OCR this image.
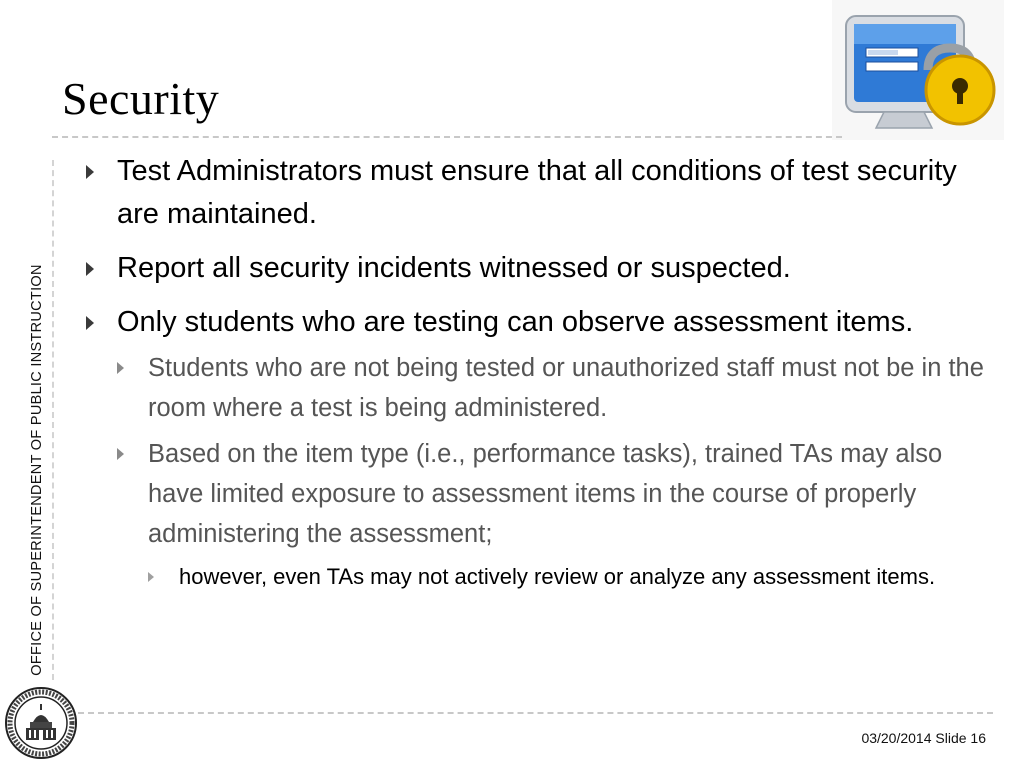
Security
OFFICE OF SUPERINTENDENT OF PUBLIC INSTRUCTION
Test Administrators must ensure that all conditions of test security are maintained.
Report all security incidents witnessed or suspected.
Only students who are testing can observe assessment items.
Students who are not being tested or unauthorized staff must not be in the room where a test is being administered.
Based on the item type (i.e., performance tasks), trained TAs may also have limited exposure to assessment items in the course of properly administering the assessment;
however, even TAs may not actively review or analyze any assessment items.
03/20/2014 Slide 16
